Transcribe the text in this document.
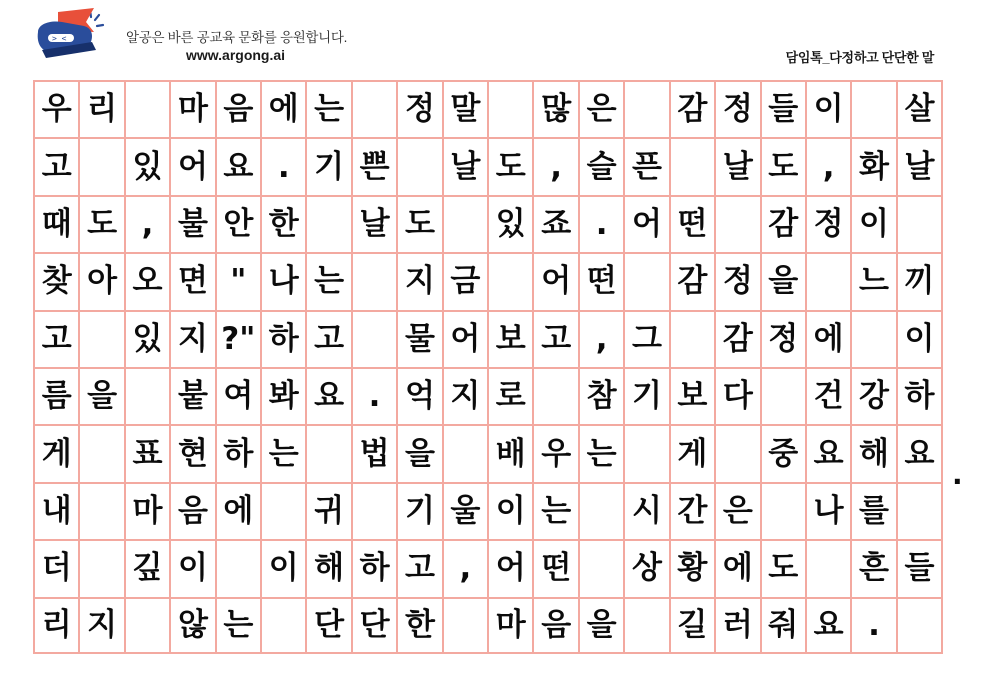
>_<	알공은 바른 공교육 문화를 응원합니다.
www.argong.ai	담임톡_다정하고 단단한 말
우 리 마 음 에 는 정 말 많 은 감 정 들 이 살
고 있 어 요 . 기 쁜 날 도 , 슬 픈 날 도 , 화 날
때 도 , 불 안 한 날 도 있 죠 . 어 떤 감 정 이
찾 아 오 면 " 나 는 지 금 어 떤 감 정 을 느 끼
고 있 지 ?" 하 고 물 어 보 고 , 그 감 정 에 이
름 을 붙 여 봐 요 . 억 지 로 참 기 보 다 건 강 하
게 표 현 하 는 법 을 배 우 는 게 중 요 해 요
내 마 음 에 귀 기 울 이 는 시 간 은 나 를
더 깊 이 이 해 하 고 , 어 떤 상 황 에 도 흔 들
리 지 않 는 단 단 한 마 음 을 길 러 줘 요 .
.
